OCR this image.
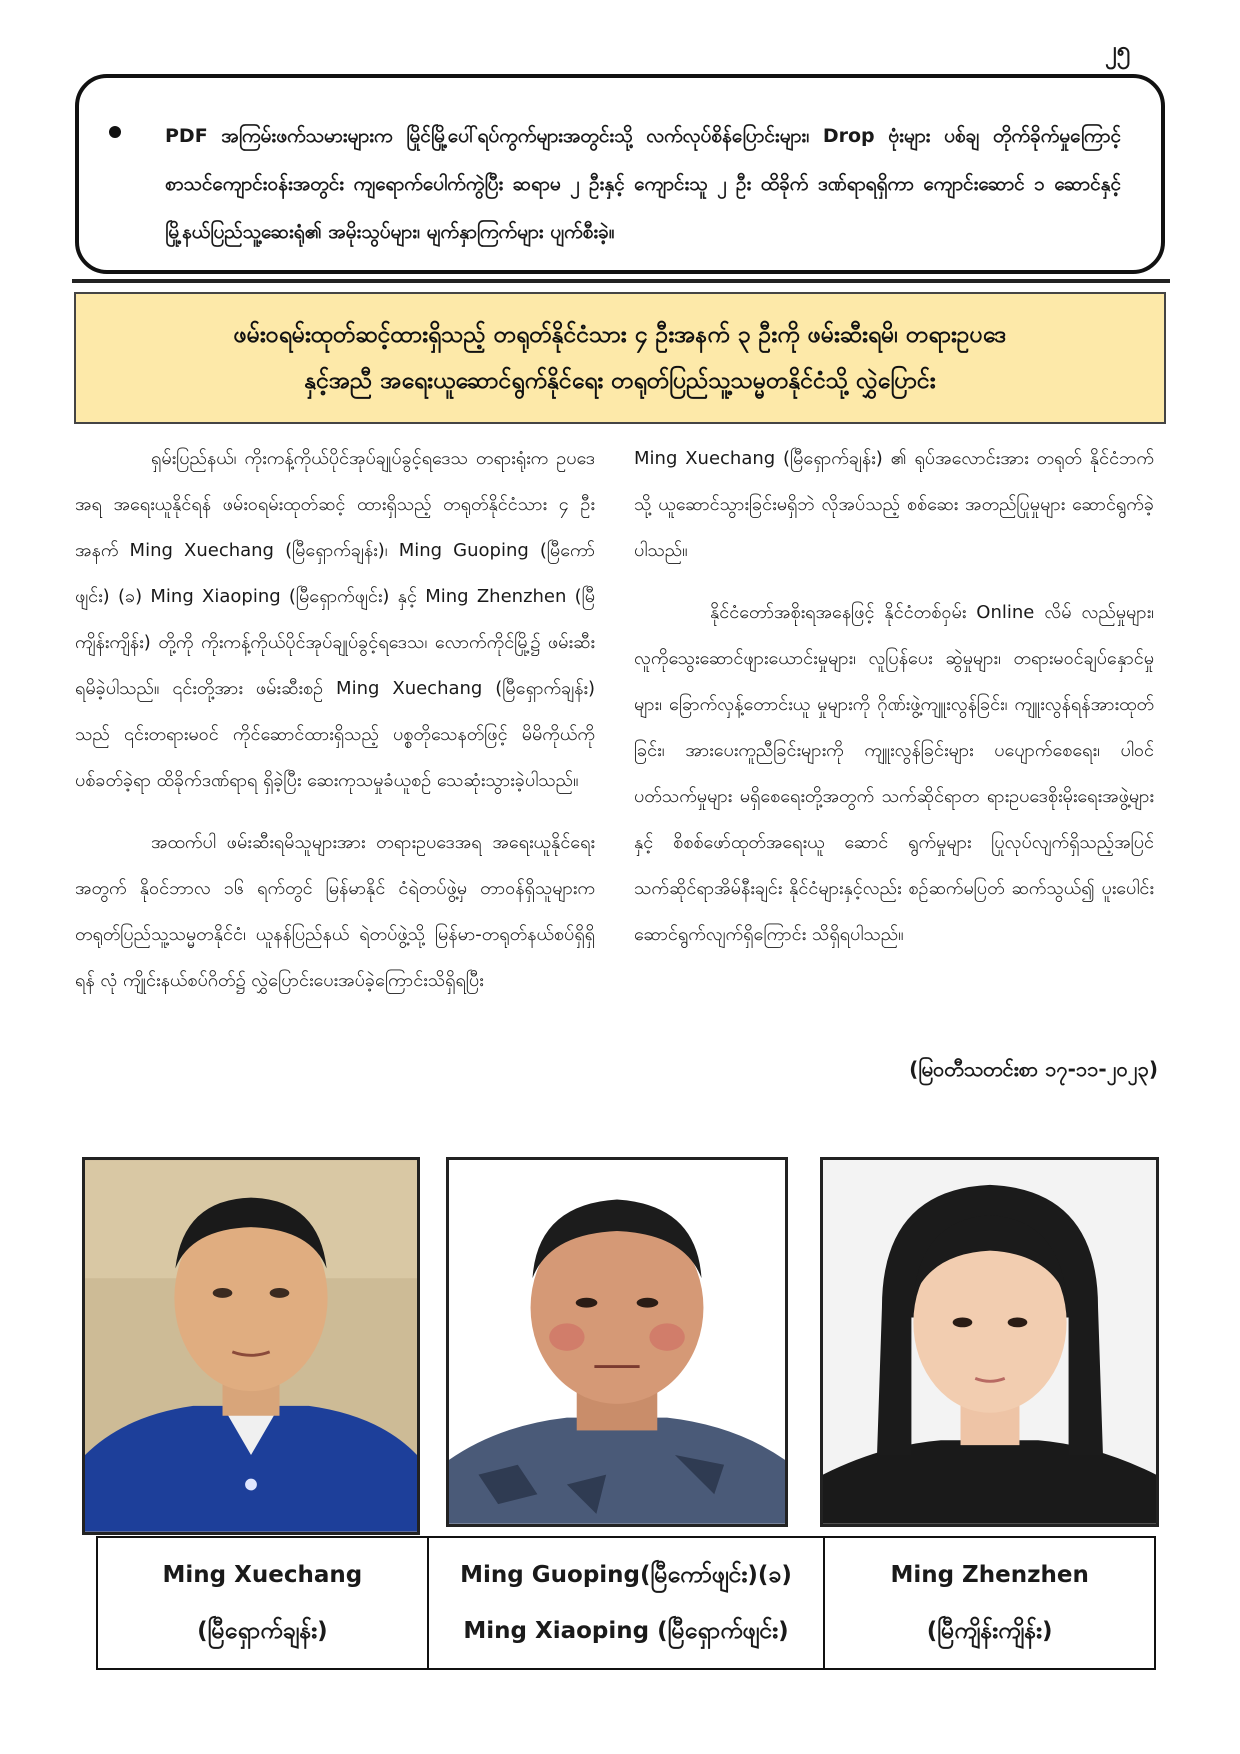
၂၅
PDF အကြမ်းဖက်သမားများက မြိုင်မြို့ပေါ်ရပ်ကွက်များအတွင်းသို့ လက်လုပ်စိန်ပြောင်းများ၊ Drop ဗုံးများ ပစ်ချ တိုက်ခိုက်မှုကြောင့် စာသင်ကျောင်းဝန်းအတွင်း ကျရောက်ပေါက်ကွဲပြီး ဆရာမ ၂ ဦးနှင့် ကျောင်းသူ ၂ ဦး ထိခိုက် ဒဏ်ရာရရှိကာ ကျောင်းဆောင် ၁ ဆောင်နှင့် မြို့နယ်ပြည်သူ့ဆေးရုံ၏ အမိုးသွပ်များ၊ မျက်နှာကြက်များ ပျက်စီးခဲ့။
ဖမ်းဝရမ်းထုတ်ဆင့်ထားရှိသည့် တရုတ်နိုင်ငံသား ၄ ဦးအနက် ၃ ဦးကို ဖမ်းဆီးရမိ၊ တရားဥပဒေ
နှင့်အညီ အရေးယူဆောင်ရွက်နိုင်ရေး တရုတ်ပြည်သူ့သမ္မတနိုင်ငံသို့ လွှဲပြောင်း

ရှမ်းပြည်နယ်၊ ကိုးကန့်ကိုယ်ပိုင်အုပ်ချုပ်ခွင့်ရဒေသ တရားရုံးက ဥပဒေအရ အရေးယူနိုင်ရန် ဖမ်းဝရမ်းထုတ်ဆင့် ထားရှိသည့် တရုတ်နိုင်ငံသား ၄ ဦးအနက် Ming Xuechang (မြီရှောက်ချန်း)၊ Ming Guoping (မြီကော်ဖျင်း) (ခ) Ming Xiaoping (မြီရှောက်ဖျင်း) နှင့် Ming Zhenzhen (မြီကျိန်းကျိန်း) တို့ကို ကိုးကန့်ကိုယ်ပိုင်အုပ်ချုပ်ခွင့်ရဒေသ၊ လောက်ကိုင်မြို့၌ ဖမ်းဆီးရမိခဲ့ပါသည်။ ၎င်းတို့အား ဖမ်းဆီးစဉ် Ming Xuechang (မြီရှောက်ချန်း) သည် ၎င်းတရားမဝင် ကိုင်ဆောင်ထားရှိသည့် ပစ္စတိုသေနတ်ဖြင့် မိမိကိုယ်ကို ပစ်ခတ်ခဲ့ရာ ထိခိုက်ဒဏ်ရာရ ရှိခဲ့ပြီး ဆေးကုသမှုခံယူစဉ် သေဆုံးသွားခဲ့ပါသည်။

အထက်ပါ ဖမ်းဆီးရမိသူများအား တရားဥပဒေအရ အရေးယူနိုင်ရေးအတွက် နိုဝင်ဘာလ ၁၆ ရက်တွင် မြန်မာနိုင် ငံရဲတပ်ဖွဲ့မှ တာဝန်ရှိသူများက တရုတ်ပြည်သူ့သမ္မတနိုင်ငံ၊ ယူနန်ပြည်နယ် ရဲတပ်ဖွဲ့သို့ မြန်မာ-တရုတ်နယ်စပ်ရှိရှိရန် လုံ ကျိုင်းနယ်စပ်ဂိတ်၌ လွှဲပြောင်းပေးအပ်ခဲ့ကြောင်းသိရှိရပြီး

Ming Xuechang (မြီရှောက်ချန်း) ၏ ရုပ်အလောင်းအား တရုတ် နိုင်ငံဘက်သို့ ယူဆောင်သွားခြင်းမရှိဘဲ လိုအပ်သည့် စစ်ဆေး အတည်ပြုမှုများ ဆောင်ရွက်ခဲ့ပါသည်။

နိုင်ငံတော်အစိုးရအနေဖြင့် နိုင်ငံတစ်ဝှမ်း Online လိမ် လည်မှုများ၊ လူကိုသွေးဆောင်ဖျားယောင်းမှုများ၊ လူပြန်ပေး ဆွဲမှုများ၊ တရားမဝင်ချပ်နှောင်မှုများ၊ ခြောက်လှန့်တောင်းယူ မှုများကို ဂိုဏ်းဖွဲ့ကျူးလွန်ခြင်း၊ ကျူးလွန်ရန်အားထုတ်ခြင်း၊ အားပေးကူညီခြင်းများကို ကျူးလွန်ခြင်းများ ပပျောက်စေရေး၊ ပါဝင်ပတ်သက်မှုများ မရှိစေရေးတို့အတွက် သက်ဆိုင်ရာတ ရားဥပဒေစိုးမိုးရေးအဖွဲ့များနှင့် စိစစ်ဖော်ထုတ်အရေးယူ ဆောင် ရွက်မှုများ ပြုလုပ်လျက်ရှိသည့်အပြင် သက်ဆိုင်ရာအိမ်နီးချင်း နိုင်ငံများနှင့်လည်း စဉ်ဆက်မပြတ် ဆက်သွယ်၍ ပူးပေါင်း ဆောင်ရွက်လျက်ရှိကြောင်း သိရှိရပါသည်။

(မြဝတီသတင်းစာ ၁၇-၁၁-၂၀၂၃)
Ming Xuechang
(မြီရှောက်ချန်း)
Ming Guoping(မြီကော်ဖျင်း)(ခ)
Ming Xiaoping (မြီရှောက်ဖျင်း)
Ming Zhenzhen
(မြီကျိန်းကျိန်း)
